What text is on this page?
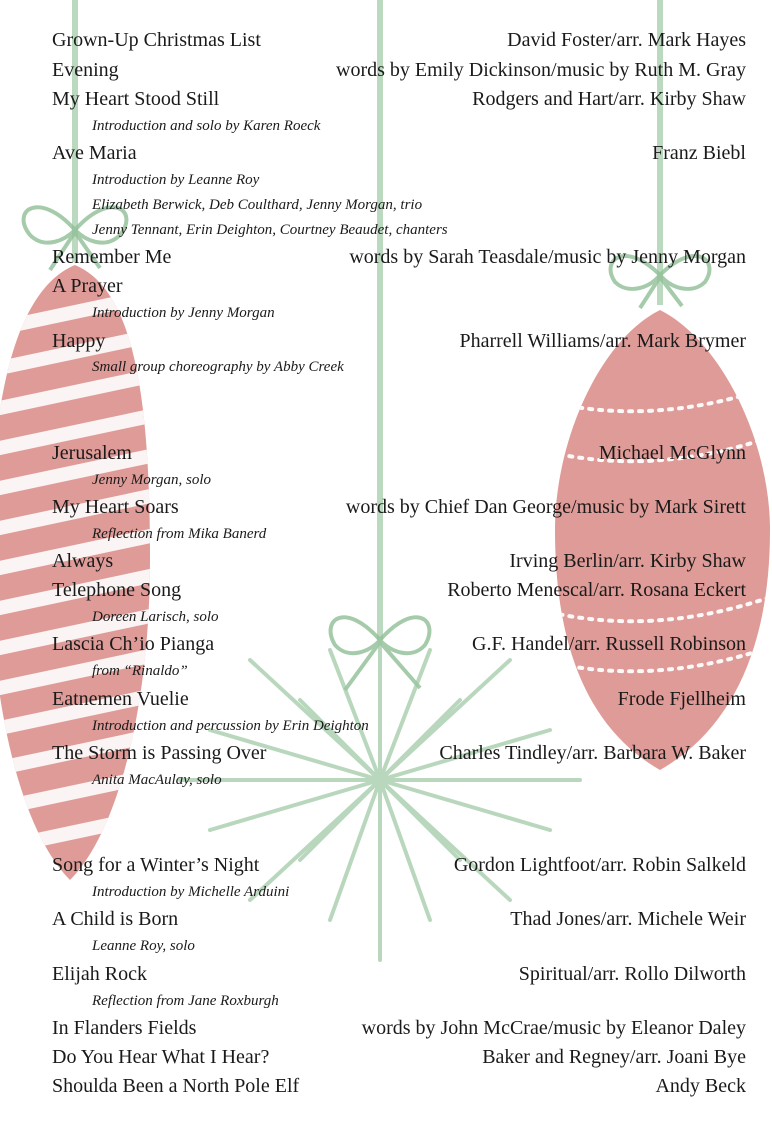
Grown-Up Christmas List	David Foster/arr. Mark Hayes
Evening	words by Emily Dickinson/music by Ruth M. Gray
My Heart Stood Still	Rodgers and Hart/arr. Kirby Shaw
Introduction and solo by Karen Roeck
Ave Maria	Franz Biebl
Introduction by Leanne Roy
Elizabeth Berwick, Deb Coulthard, Jenny Morgan, trio
Jenny Tennant, Erin Deighton, Courtney Beaudet, chanters
Remember Me	words by Sarah Teasdale/music by Jenny Morgan
A Prayer
Introduction by Jenny Morgan
Happy	Pharrell Williams/arr. Mark Brymer
Small group choreography by Abby Creek
Jerusalem	Michael McGlynn
Jenny Morgan, solo
My Heart Soars	words by Chief Dan George/music by Mark Sirett
Reflection from Mika Banerd
Always	Irving Berlin/arr. Kirby Shaw
Telephone Song	Roberto Menescal/arr. Rosana Eckert
Doreen Larisch, solo
Lascia Ch’io Pianga	G.F. Handel/arr. Russell Robinson
from “Rinaldo”
Eatnemen Vuelie	Frode Fjellheim
Introduction and percussion by Erin Deighton
The Storm is Passing Over	Charles Tindley/arr. Barbara W. Baker
Anita MacAulay, solo
Song for a Winter’s Night	Gordon Lightfoot/arr. Robin Salkeld
Introduction by Michelle Arduini
A Child is Born	Thad Jones/arr. Michele Weir
Leanne Roy, solo
Elijah Rock	Spiritual/arr. Rollo Dilworth
Reflection from Jane Roxburgh
In Flanders Fields	words by John McCrae/music by Eleanor Daley
Do You Hear What I Hear?	Baker and Regney/arr. Joani Bye
Shoulda Been a North Pole Elf	Andy Beck
